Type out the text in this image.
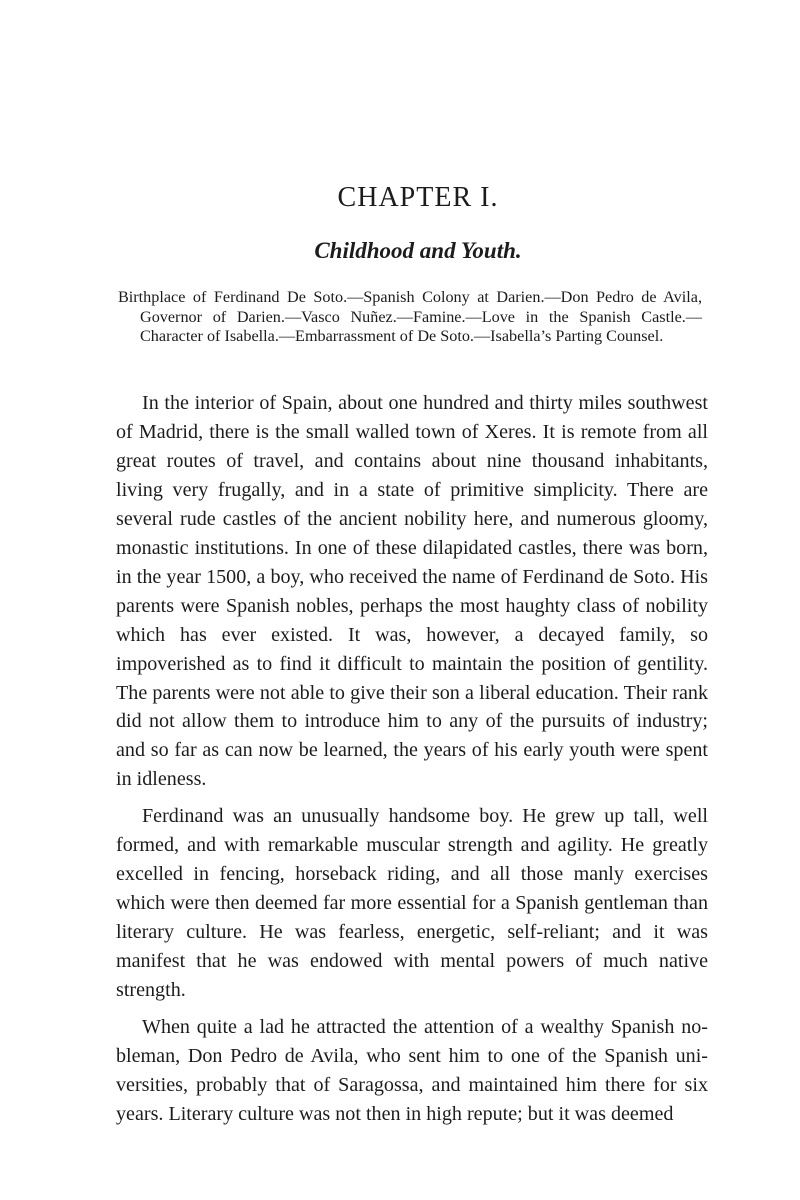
CHAPTER I.
Childhood and Youth.

Birthplace of Ferdinand De Soto.—Spanish Colony at Darien.—Don Pedro de Avila, Governor of Darien.—Vasco Nuñez.—Famine.—Love in the Spanish Castle.—Character of Isabella.—Embarrassment of De Soto.—Isabella’s Parting Counsel.

In the interior of Spain, about one hundred and thirty miles southwest of Madrid, there is the small walled town of Xeres. It is remote from all great routes of travel, and contains about nine thousand inhabitants, living very frugally, and in a state of primitive simplicity. There are several rude castles of the ancient nobility here, and numerous gloomy, monastic institutions. In one of these dilapidated castles, there was born, in the year 1500, a boy, who received the name of Ferdinand de Soto. His parents were Spanish nobles, perhaps the most haughty class of nobility which has ever existed. It was, however, a decayed family, so impoverished as to find it difficult to maintain the position of gentility. The parents were not able to give their son a liberal education. Their rank did not allow them to introduce him to any of the pursuits of industry; and so far as can now be learned, the years of his early youth were spent in idleness.

Ferdinand was an unusually handsome boy. He grew up tall, well formed, and with remarkable muscular strength and agility. He greatly excelled in fencing, horseback riding, and all those manly exercises which were then deemed far more essential for a Spanish gentleman than literary culture. He was fearless, energetic, self-reliant; and it was manifest that he was endowed with mental powers of much native strength.

When quite a lad he attracted the attention of a wealthy Spanish nobleman, Don Pedro de Avila, who sent him to one of the Spanish universities, probably that of Saragossa, and maintained him there for six years. Literary culture was not then in high repute; but it was deemed
